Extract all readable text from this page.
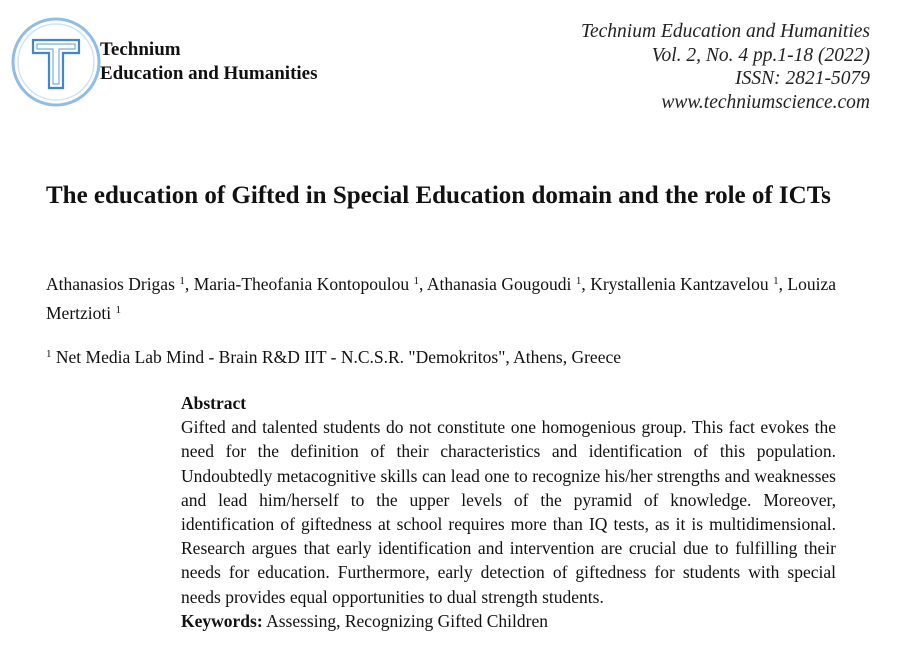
Technium
Education and Humanities
Technium Education and Humanities
Vol. 2, No. 4 pp.1-18 (2022)
ISSN: 2821-5079
www.techniumscience.com
The education of Gifted in Special Education domain and the role of ICTs
Athanasios Drigas $^1$, Maria-Theofania Kontopoulou $^1$, Athanasia Gougoudi $^1$, Krystallenia Kantzavelou $^1$, Louiza Mertzioti $^1$
$^1$ Net Media Lab Mind - Brain R&D IIT - N.C.S.R. "Demokritos", Athens, Greece
Abstract
Gifted and talented students do not constitute one homogenious group. This fact evokes the need for the definition of their characteristics and identification of this population. Undoubtedly metacognitive skills can lead one to recognize his/her strengths and weaknesses and lead him/herself to the upper levels of the pyramid of knowledge. Moreover, identification of giftedness at school requires more than IQ tests, as it is multidimensional. Research argues that early identification and intervention are crucial due to fulfilling their needs for education. Furthermore, early detection of giftedness for students with special needs provides equal opportunities to dual strength students.
Keywords: Assessing, Recognizing Gifted Children
